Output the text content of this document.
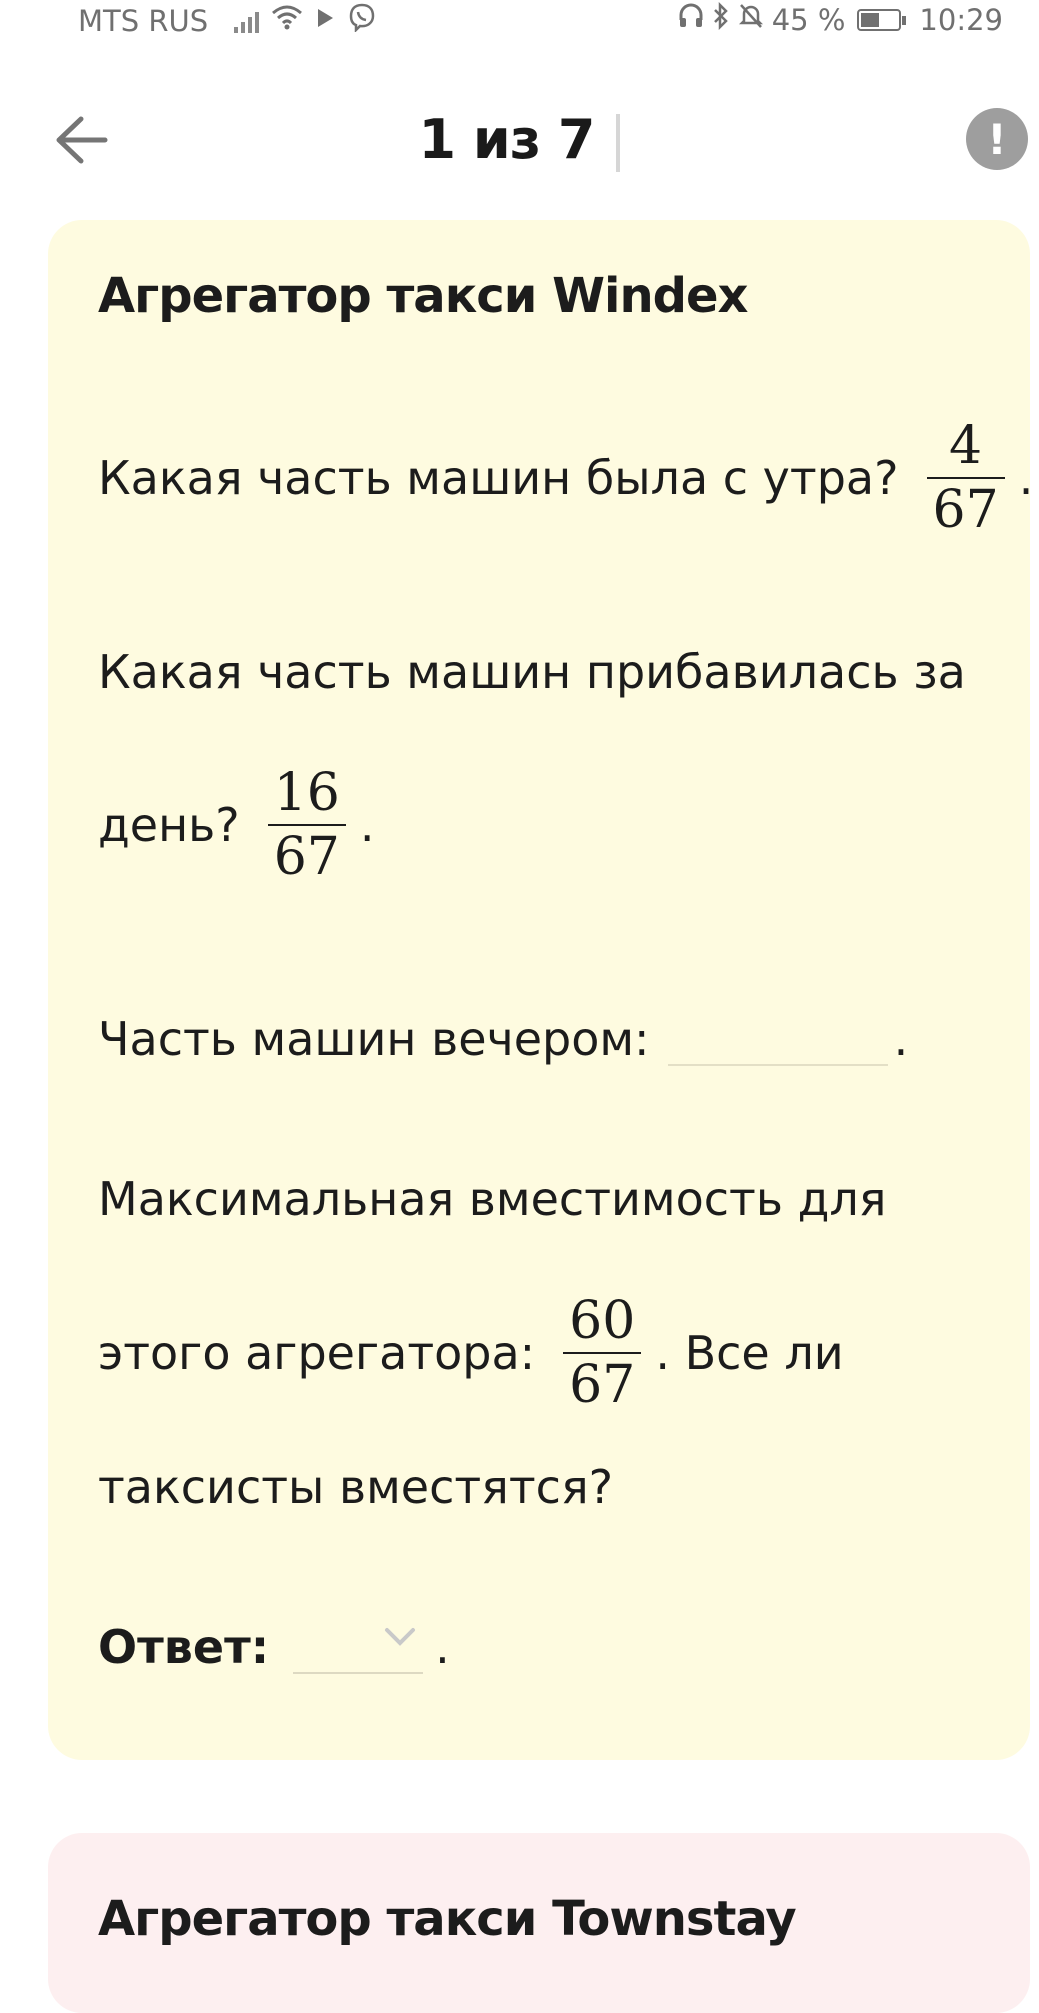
MTS RUS	45 %	10:29
1 из 7	!
Агрегатор такси Windex
Какая часть машин была с утра? $\frac{4}{67}$ .
Какая часть машин прибавилась за
день? $\frac{16}{67}$ .
Часть машин вечером:	.
Максимальная вместимость для
этого агрегатора: $\frac{60}{67}$ . Все ли
таксисты вместятся?
Ответ:	.
Агрегатор такси Townstay
